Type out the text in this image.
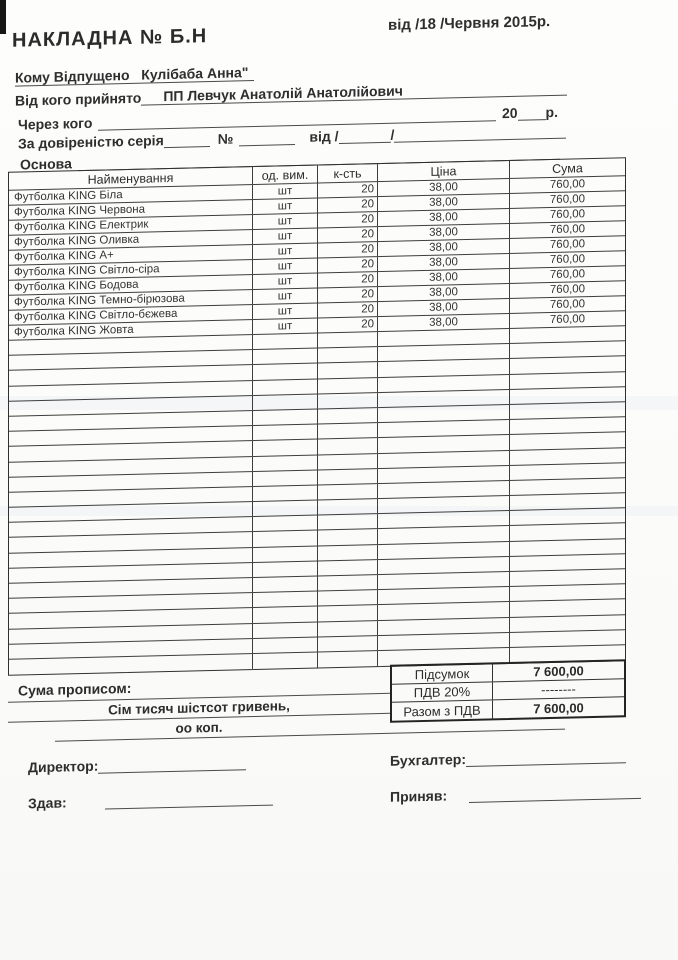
НАКЛАДНА № Б.Н
від /18 /Червня 2015р.
Кому Відпущено Кулібаба Анна"
Від кого прийнято ПП Левчук Анатолій Анатолійович
Через кого
20 р.
За довіреністю серія	№	від /	/
Основа
Найменування	од. вим.	к-сть	Ціна	Сума
Футболка KING Біла	шт	20	38,00	760,00
Футболка KING Червона	шт	20	38,00	760,00
Футболка KING Електрик	шт	20	38,00	760,00
Футболка KING Оливка	шт	20	38,00	760,00
Футболка KING А+	шт	20	38,00	760,00
Футболка KING Світло-сіра	шт	20	38,00	760,00
Футболка KING Бодова	шт	20	38,00	760,00
Футболка KING Темно-бірюзова	шт	20	38,00	760,00
Футболка KING Світло-бєжева	шт	20	38,00	760,00
Футболка KING Жовта	шт	20	38,00	760,00
Підсумок	7 600,00
ПДВ 20%	--------
Разом з ПДВ	7 600,00
Сума прописом:
Сім тисяч шістсот гривень,
оо коп.
Директор:	Бухгалтер:
Здав:	Приняв:
